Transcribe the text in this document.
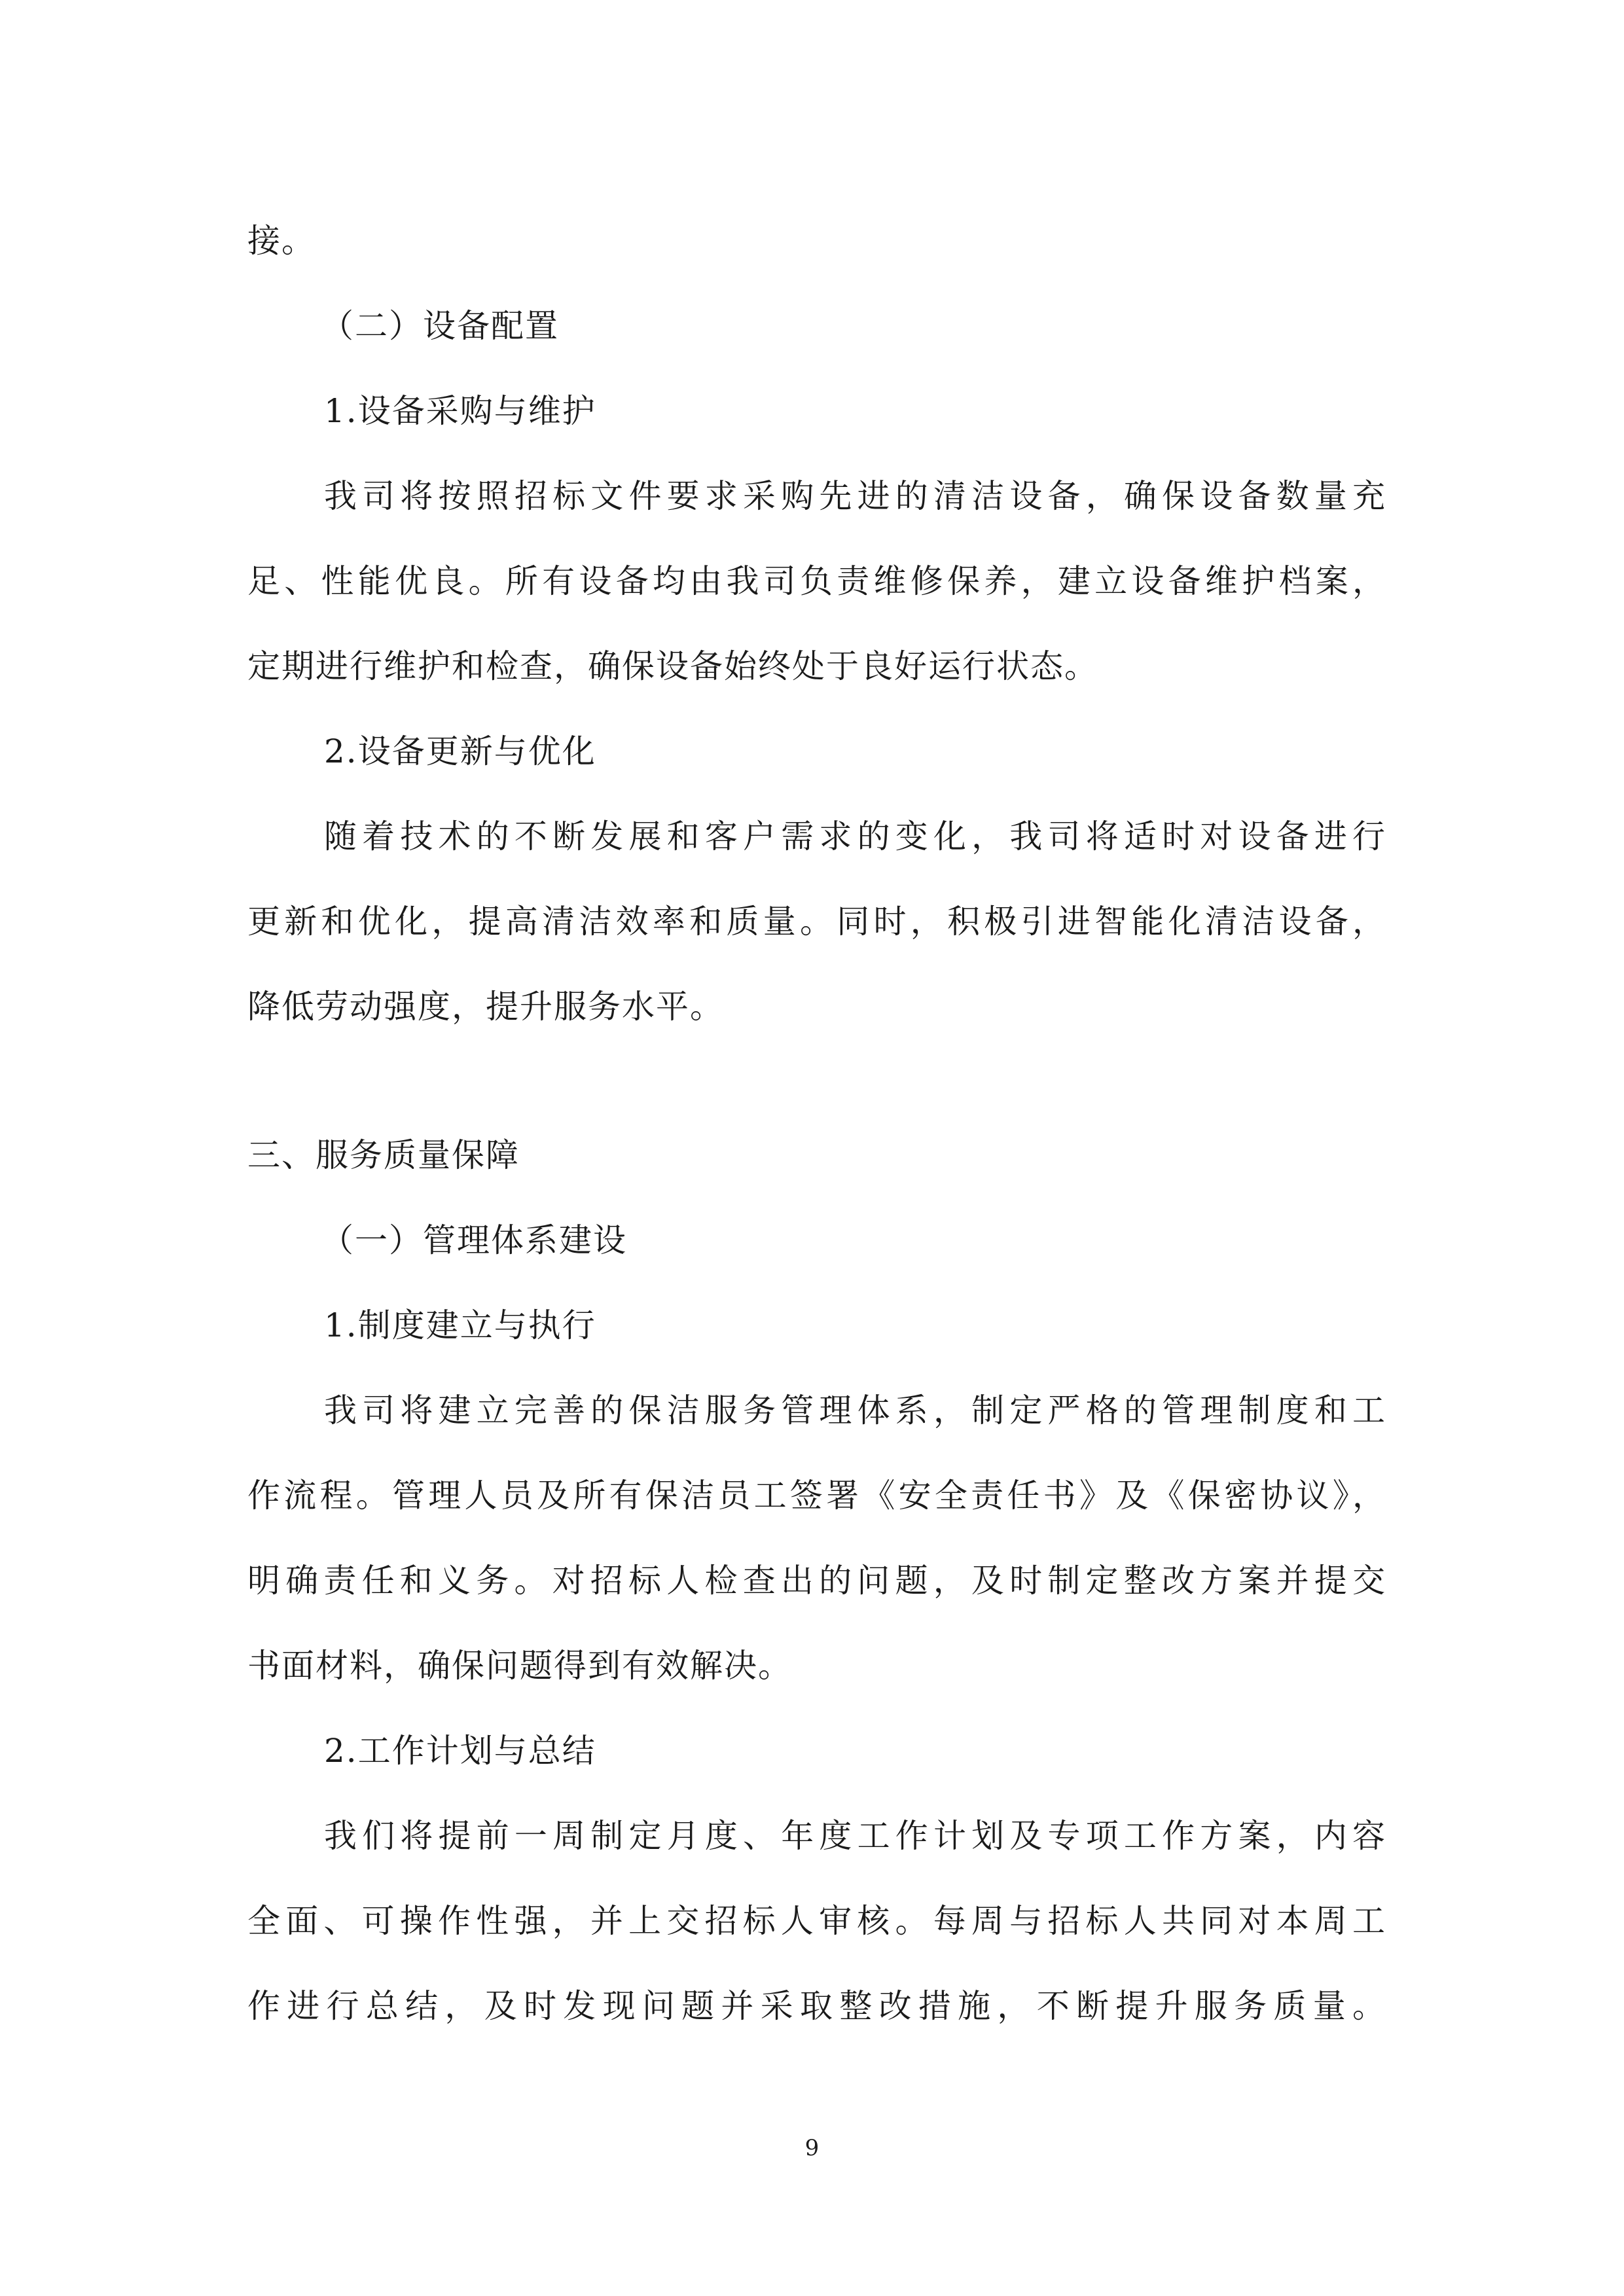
接。
（二）设备配置
1.设备采购与维护
我司将按照招标文件要求采购先进的清洁设备，确保设备数量充
足、性能优良。所有设备均由我司负责维修保养，建立设备维护档案，
定期进行维护和检查，确保设备始终处于良好运行状态。
2.设备更新与优化
随着技术的不断发展和客户需求的变化，我司将适时对设备进行
更新和优化，提高清洁效率和质量。同时，积极引进智能化清洁设备，
降低劳动强度，提升服务水平。
三、服务质量保障
（一）管理体系建设
1.制度建立与执行
我司将建立完善的保洁服务管理体系，制定严格的管理制度和工
作流程。管理人员及所有保洁员工签署《安全责任书》及《保密协议》，
明确责任和义务。对招标人检查出的问题，及时制定整改方案并提交
书面材料，确保问题得到有效解决。
2.工作计划与总结
我们将提前一周制定月度、年度工作计划及专项工作方案，内容
全面、可操作性强，并上交招标人审核。每周与招标人共同对本周工
作进行总结，及时发现问题并采取整改措施，不断提升服务质量。
9
